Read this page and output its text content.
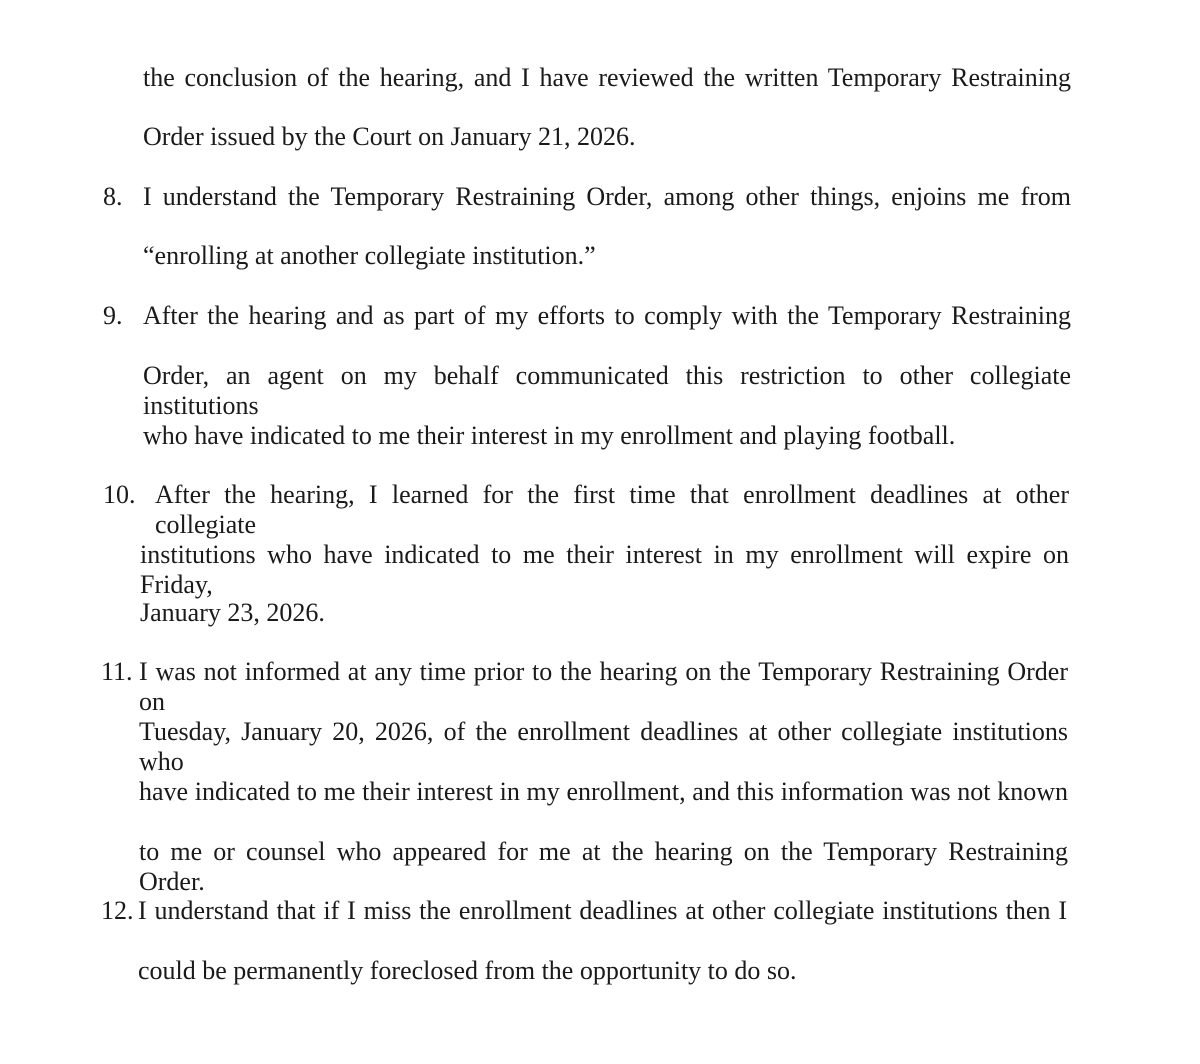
the conclusion of the hearing, and I have reviewed the written Temporary Restraining

Order issued by the Court on January 21, 2026.

8. I understand the Temporary Restraining Order, among other things, enjoins me from

“enrolling at another collegiate institution.”

9. After the hearing and as part of my efforts to comply with the Temporary Restraining

Order, an agent on my behalf communicated this restriction to other collegiate institutions

who have indicated to me their interest in my enrollment and playing football.

10. After the hearing, I learned for the first time that enrollment deadlines at other collegiate

institutions who have indicated to me their interest in my enrollment will expire on Friday,

January 23, 2026.

11. I was not informed at any time prior to the hearing on the Temporary Restraining Order on

Tuesday, January 20, 2026, of the enrollment deadlines at other collegiate institutions who

have indicated to me their interest in my enrollment, and this information was not known

to me or counsel who appeared for me at the hearing on the Temporary Restraining Order.

12. I understand that if I miss the enrollment deadlines at other collegiate institutions then I

could be permanently foreclosed from the opportunity to do so.
